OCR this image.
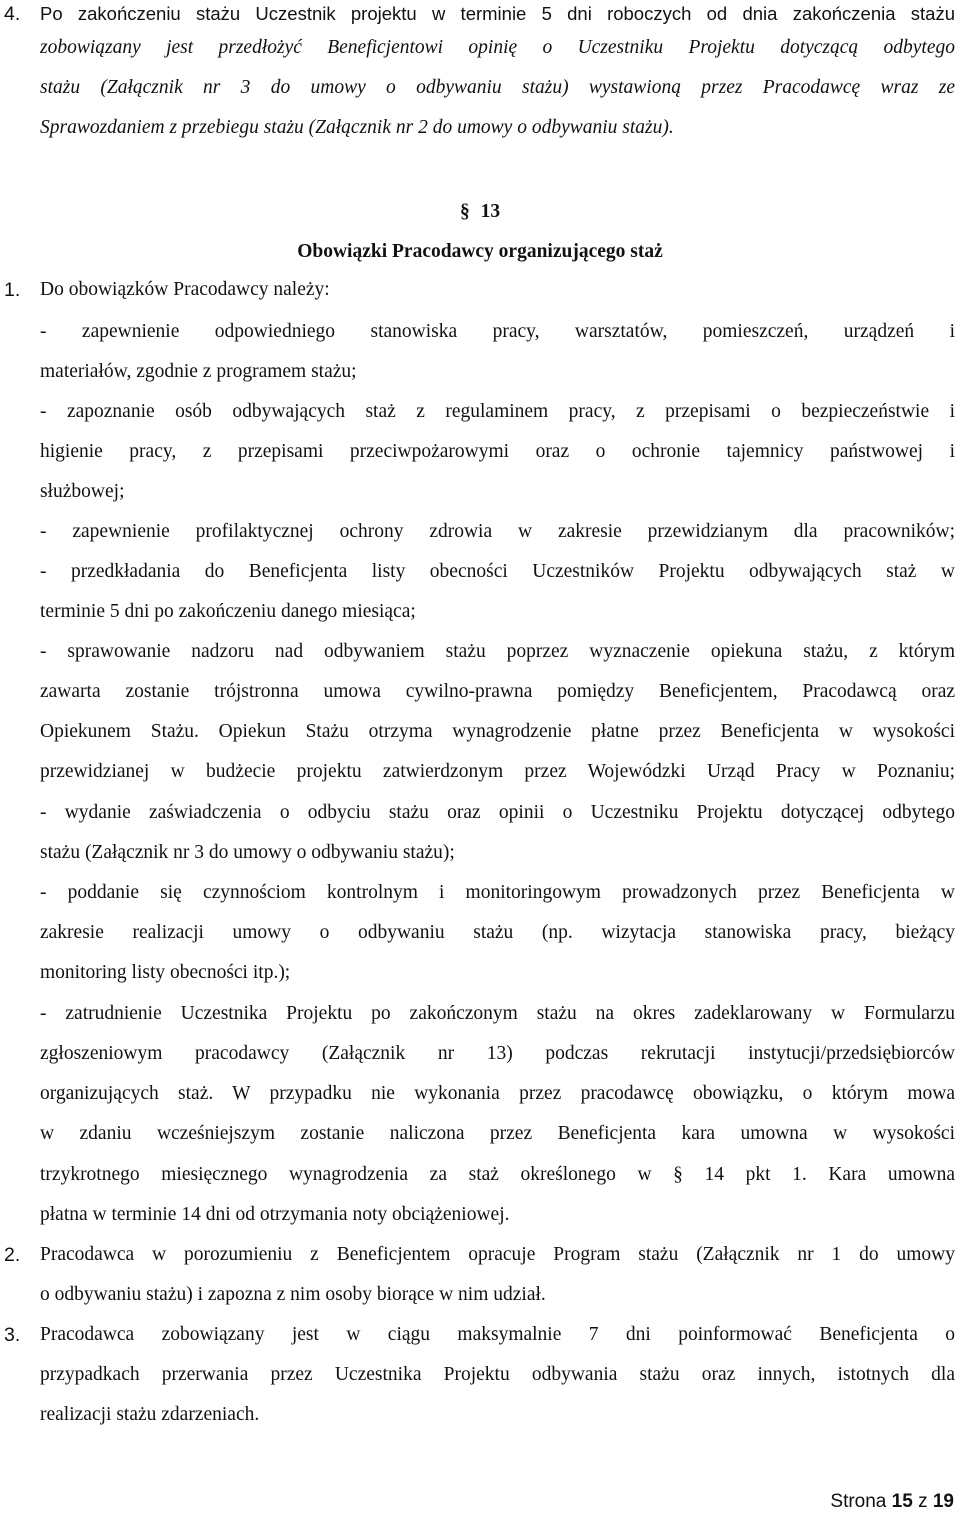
4. Po zakończeniu stażu Uczestnik projektu w terminie 5 dni roboczych od dnia zakończenia stażu
zobowiązany jest przedłożyć Beneficjentowi opinię o Uczestniku Projektu dotyczącą odbytego
stażu (Załącznik nr 3 do umowy o odbywaniu stażu) wystawioną przez Pracodawcę wraz ze
Sprawozdaniem z przebiegu stażu (Załącznik nr 2 do umowy o odbywaniu stażu).
§ 13
Obowiązki Pracodawcy organizującego staż
1. Do obowiązków Pracodawcy należy:
- zapewnienie odpowiedniego stanowiska pracy, warsztatów, pomieszczeń, urządzeń i
materiałów, zgodnie z programem stażu;
- zapoznanie osób odbywających staż z regulaminem pracy, z przepisami o bezpieczeństwie i
higienie pracy, z przepisami przeciwpożarowymi oraz o ochronie tajemnicy państwowej i
służbowej;
- zapewnienie profilaktycznej ochrony zdrowia w zakresie przewidzianym dla pracowników;
- przedkładania do Beneficjenta listy obecności Uczestników Projektu odbywających staż w
terminie 5 dni po zakończeniu danego miesiąca;
- sprawowanie nadzoru nad odbywaniem stażu poprzez wyznaczenie opiekuna stażu, z którym
zawarta zostanie trójstronna umowa cywilno-prawna pomiędzy Beneficjentem, Pracodawcą oraz
Opiekunem Stażu. Opiekun Stażu otrzyma wynagrodzenie płatne przez Beneficjenta w wysokości
przewidzianej w budżecie projektu zatwierdzonym przez Wojewódzki Urząd Pracy w Poznaniu;
- wydanie zaświadczenia o odbyciu stażu oraz opinii o Uczestniku Projektu dotyczącej odbytego
stażu (Załącznik nr 3 do umowy o odbywaniu stażu);
- poddanie się czynnościom kontrolnym i monitoringowym prowadzonych przez Beneficjenta w
zakresie realizacji umowy o odbywaniu stażu (np. wizytacja stanowiska pracy, bieżący
monitoring listy obecności itp.);
- zatrudnienie Uczestnika Projektu po zakończonym stażu na okres zadeklarowany w Formularzu
zgłoszeniowym pracodawcy (Załącznik nr 13) podczas rekrutacji instytucji/przedsiębiorców
organizujących staż. W przypadku nie wykonania przez pracodawcę obowiązku, o którym mowa
w zdaniu wcześniejszym zostanie naliczona przez Beneficjenta kara umowna w wysokości
trzykrotnego miesięcznego wynagrodzenia za staż określonego w § 14 pkt 1. Kara umowna
płatna w terminie 14 dni od otrzymania noty obciążeniowej.
2. Pracodawca w porozumieniu z Beneficjentem opracuje Program stażu (Załącznik nr 1 do umowy
o odbywaniu stażu) i zapozna z nim osoby biorące w nim udział.
3. Pracodawca zobowiązany jest w ciągu maksymalnie 7 dni poinformować Beneficjenta o
przypadkach przerwania przez Uczestnika Projektu odbywania stażu oraz innych, istotnych dla
realizacji stażu zdarzeniach.
Strona 15 z 19
